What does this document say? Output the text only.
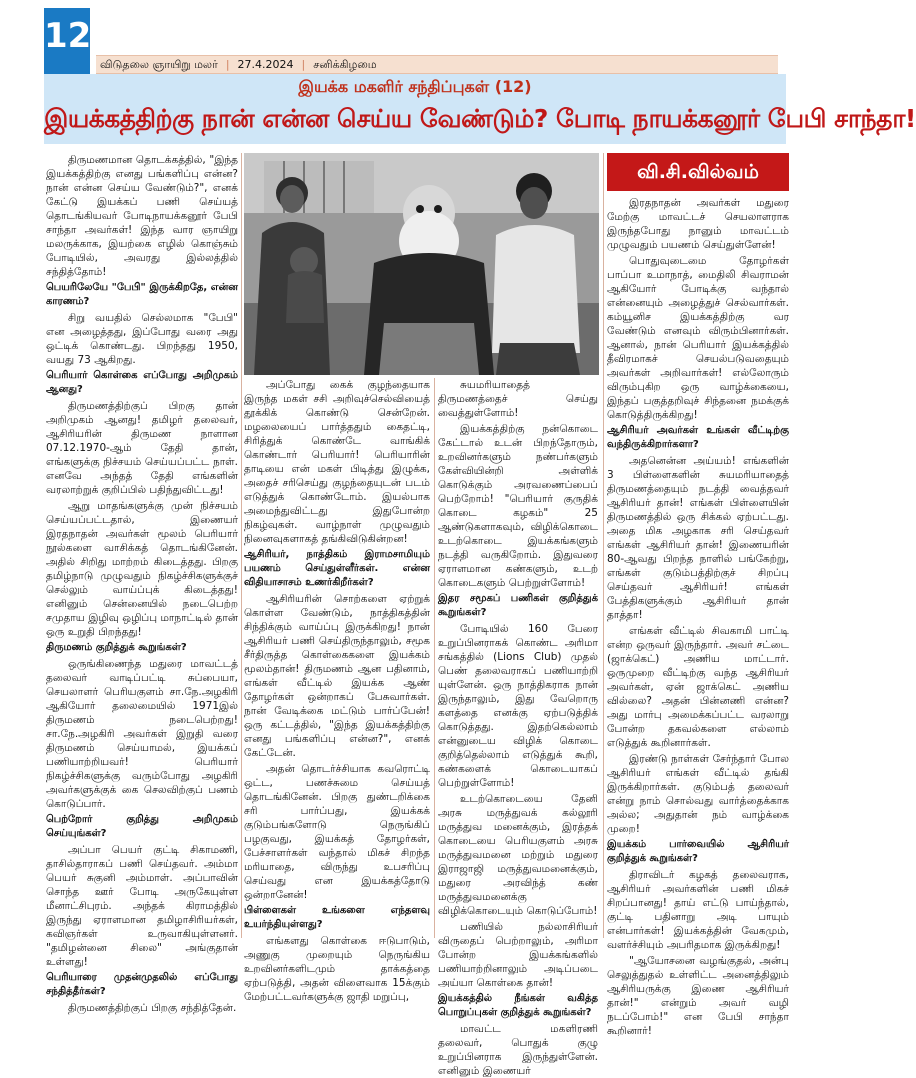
12
விடுதலை ஞாயிறு மலர் | 27.4.2024 | சனிக்கிழமை
இயக்க மகளிர் சந்திப்புகள் (12)
இயக்கத்திற்கு நான் என்ன செய்ய வேண்டும்? போடி நாயக்கனூர் பேபி சாந்தா!
வி.சி.வில்வம்

திருமணமான தொடக்கத்தில், "இந்த இயக்கத்திற்கு எனது பங்களிப்பு என்ன? நான் என்ன செய்ய வேண்டும்?", எனக் கேட்டு இயக்கப் பணி செய்யத் தொடங்கியவர் போடிநாயக்கனூர் பேபி சாந்தா அவர்கள்! இந்த வார ஞாயிறு மலருக்காக, இயற்கை எழில் கொஞ்சும் போடியில், அவரது இல்லத்தில் சந்தித்தோம்!

பெயரிலேயே "பேபி" இருக்கிறதே, என்ன காரணம்?

சிறு வயதில் செல்லமாக "பேபி" என அழைத்தது, இப்போது வரை அது ஒட்டிக் கொண்டது. பிறந்தது 1950, வயது 73 ஆகிறது.

பெரியார் கொள்கை எப்போது அறிமுகம் ஆனது?

திருமணத்திற்குப் பிறகு தான் அறிமுகம் ஆனது! தமிழர் தலைவர், ஆசிரியரின் திருமண நாளான 07.12.1970-ஆம் தேதி தான், எங்களுக்கு நிச்சயம் செய்யப்பட்ட நாள். எனவே அந்தத் தேதி எங்களின் வரலாற்றுக் குறிப்பில் பதிந்துவிட்டது!

ஆறு மாதங்களுக்கு முன் நிச்சயம் செய்யப்பட்டதால், இணையர் இரதநாதன் அவர்கள் மூலம் பெரியார் நூல்களை வாசிக்கத் தொடங்கினேன். அதில் சிறிது மாற்றம் கிடைத்தது. பிறகு தமிழ்நாடு முழுவதும் நிகழ்ச்சிகளுக்குச் செல்லும் வாய்ப்புக் கிடைத்தது! எனினும் சென்னையில் நடைபெற்ற சமுதாய இழிவு ஒழிப்பு மாநாட்டில் தான் ஒரு உறுதி பிறந்தது!

திருமணம் குறித்துக் கூறுங்கள்?

ஒருங்கிணைந்த மதுரை மாவட்டத் தலைவர் வாடிப்பட்டி சுப்பையா, செயலாளர் பெரியகுளம் சா.நே.அழகிரி ஆகியோர் தலைமையில் 1971இல் திருமணம் நடைபெற்றது! சா.நே.அழகிரி அவர்கள் இறுதி வரை திருமணம் செய்யாமல், இயக்கப் பணியாற்றியவர்! பெரியார் நிகழ்ச்சிகளுக்கு வரும்போது அழகிரி அவர்களுக்குக் கை செலவிற்குப் பணம் கொடுப்பார்.

பெற்றோர் குறித்து அறிமுகம் செய்யுங்கள்?

அப்பா பெயர் குட்டி சிகாமணி, தாசில்தாராகப் பணி செய்தவர். அம்மா பெயர் சுகுனி அம்மாள். அப்பாவின் சொந்த ஊர் போடி அருகேயுள்ள மீனாட்சிபுரம். அந்தக் கிராமத்தில் இருந்து ஏராளமான தமிழாசிரியர்கள், கவிஞர்கள் உருவாகியுள்ளனர். "தமிழன்னை சிலை" அங்குதான் உள்ளது!

பெரியாரை முதன்முதலில் எப்போது சந்தித்தீர்கள்?

திருமணத்திற்குப் பிறகு சந்தித்தேன்.

அப்போது கைக் குழந்தையாக இருந்த மகள் சசி அறிவுச்செல்வியைத் தூக்கிக் கொண்டு சென்றேன். மழலையைப் பார்த்ததும் கைதட்டி, சிரித்துக் கொண்டே வாங்கிக் கொண்டார் பெரியார்! பெரியாரின் தாடியை என் மகள் பிடித்து இழுக்க, அதைச் சரிசெய்து குழந்தையுடன் படம் எடுத்துக் கொண்டோம். இயல்பாக அமைந்துவிட்டது இதுபோன்ற நிகழ்வுகள். வாழ்நாள் முழுவதும் நினைவுகளாகத் தங்கிவிடுகின்றன!

ஆசிரியர், நாத்திகம் இராமசாமியும் பயணம் செய்துள்ளீர்கள். என்ன விதியாசாசம் உணர்கிறீர்கள்?

ஆசிரியரின் சொற்களை ஏற்றுக் கொள்ள வேண்டும், நாத்திகத்தின் சிந்திக்கும் வாய்ப்பு இருக்கிறது! நான் ஆசிரியர் பணி செய்திருந்தாலும், சமூக சீர்திருத்த கொள்கைகளை இயக்கம் மூலம்தான்! திருமணம் ஆன பதினாம், எங்கள் வீட்டில் இயக்க ஆண் தோழர்கள் ஒன்றாகப் பேசுவார்கள். நான் வேடிக்கை மட்டும் பார்ப்பேன்! ஒரு கட்டத்தில், "இந்த இயக்கத்திற்கு எனது பங்களிப்பு என்ன?", எனக் கேட்டேன்.

அதன் தொடர்ச்சியாக கவரொட்டி ஒட்ட, பணச்சுமை செய்யத் தொடங்கினேன். பிறகு துண்டறிக்கை சரி பார்ப்பது, இயக்கக் குடும்பங்களோடு நெருங்கிப் பழகுவது, இயக்கத் தோழர்கள், பேச்சாளர்கள் வந்தால் மிகச் சிறந்த மரியாதை, விருந்து உபசரிப்பு செய்வது என இயக்கத்தோடு ஒன்றானேன்!

பிள்ளைகள் உங்களை எந்தளவு உயர்ந்தியுள்ளது?

எங்களது கொள்கை ஈடுபாடும், அணுகு முறையும் நெருங்கிய உறவினர்களிடமும் தாக்கத்தை ஏற்படுத்தி, அதன் விளைவாக 15க்கும் மேற்பட்டவர்களுக்கு ஜாதி மறுப்பு,

சுயமரியாதைத் திருமணத்தைச் செய்து வைத்துள்ளோம்!

இயக்கத்திற்கு நன்கொடை கேட்டால் உடன் பிறந்தோரும், உறவினர்களும் நண்பர்களும் கேள்வியின்றி அள்ளிக் கொடுக்கும் அரவணைப்பைப் பெற்றோம்! "பெரியார் குருதிக் கொடை கழகம்" 25 ஆண்டுகளாகவும், விழிக்கொடை உடற்கொடை இயக்கங்களும் நடத்தி வருகிறோம். இதுவரை ஏராளமான கண்களும், உடற் கொடைகளும் பெற்றுள்ளோம்!

இதர சமூகப் பணிகள் குறித்துக் கூறுங்கள்?

போடியில் 160 பேரை உறுப்பினராகக் கொண்ட அரிமா சங்கத்தில் (Lions Club) முதல் பெண் தலைவராகப் பணியாற்றி யுள்ளேன். ஒரு நாத்திகராக நான் இருந்தாலும், இது வேறொரு களத்தை எனக்கு ஏற்படுத்திக் கொடுத்தது. இதற்கெல்லாம் என்னுடைய விழிக் கொடை குறித்தெல்லாம் எடுத்துக் கூறி, கண்களைக் கொடையாகப் பெற்றுள்ளோம்!

உடற்கொடையை தேனி அரசு மருத்துவக் கல்லூரி மருத்துவ மனைக்கும், இரத்தக் கொடையை பெரியகுளம் அரசு மருத்துவமனை மற்றும் மதுரை இராஜாஜி மருத்துவமனைக்கும், மதுரை அரவிந்த் கண் மருத்துவமனைக்கு விழிக்கொடையும் கொடுப்போம்!

பணியில் நல்லாசிரியர் விருதைப் பெற்றாலும், அரிமா போன்ற இயக்கங்களில் பணியாற்றினாலும் அடிப்படை அய்யா கொள்கை தான்!

இயக்கத்தில் நீங்கள் வகித்த பொறுப்புகள் குறித்துக் கூறுங்கள்?

மாவட்ட மகளிரணி தலைவர், பொதுக் குழு உறுப்பினராக இருந்துள்ளேன். எனினும் இணையர்

இரதநாதன் அவர்கள் மதுரை மேற்கு மாவட்டச் செயலாளராக இருந்தபோது நானும் மாவட்டம் முழுவதும் பயணம் செய்துள்ளேன்!

பொதுவுடைமை தோழர்கள் பாப்பா உமாநாத், மைதிலி சிவராமன் ஆகியோர் போடிக்கு வந்தால் என்னையும் அழைத்துச் செல்வார்கள். கம்யூனிச இயக்கத்திற்கு வர வேண்டும் எனவும் விரும்பினார்கள். ஆனால், நான் பெரியார் இயக்கத்தில் தீவிரமாகச் செயல்படுவதையும் அவர்கள் அறிவார்கள்! எல்லோரும் விரும்புகிற ஒரு வாழ்க்கையை, இந்தப் பகுத்தறிவுச் சிந்தனை நமக்குக் கொடுத்திருக்கிறது!

ஆசிரியர் அவர்கள் உங்கள் வீட்டிற்கு வந்திருக்கிறார்களா?

அதனென்ன அய்யம்! எங்களின் 3 பிள்ளைகளின் சுயமரியாதைத் திருமணத்தையும் நடத்தி வைத்தவர் ஆசிரியர் தான்! எங்கள் பிள்ளையின் திருமணத்தில் ஒரு சிக்கல் ஏற்பட்டது. அதை மிக அழகாக சரி செய்தவர் எங்கள் ஆசிரியர் தான்! இணையரின் 80-ஆவது பிறந்த நாளில் பங்கேற்று, எங்கள் குடும்பத்திற்குச் சிறப்பு செய்தவர் ஆசிரியர்! எங்கள் பேத்திகளுக்கும் ஆசிரியர் தான் தாத்தா!

எங்கள் வீட்டில் சிவகாமி பாட்டி என்ற ஒருவர் இருந்தார். அவர் சட்டை (ஜாக்கெட்) அணிய மாட்டார். ஒருமுறை வீட்டிற்கு வந்த ஆசிரியர் அவர்கள், ஏன் ஜாக்கெட் அணிய வில்லை? அதன் பின்னணி என்ன? அது மார்பு அமைக்கப்பட்ட வரலாறு போன்ற தகவல்களை எல்லாம் எடுத்துக் கூறினார்கள்.

இரண்டு நாள்கள் சேர்ந்தார் போல ஆசிரியர் எங்கள் வீட்டில் தங்கி இருக்கிறார்கள். குடும்பத் தலைவர் என்று நாம் சொல்வது வார்த்தைக்காக அல்ல; அதுதான் நம் வாழ்க்கை முறை!

இயக்கம் பார்வையில் ஆசிரியர் குறித்துக் கூறுங்கள்?

திராவிடர் கழகத் தலைவராக, ஆசிரியர் அவர்களின் பணி மிகச் சிறப்பானது! தாய் எட்டு பாய்ந்தால், குட்டி பதினாறு அடி பாயும் என்பார்கள்! இயக்கத்தின் வேகமும், வளர்ச்சியும் அபரிதமாக இருக்கிறது!

"ஆயோசனை வழங்குதல், அன்பு செலுத்துதல் உள்ளிட்ட அனைத்திலும் ஆசிரியருக்கு இணை ஆசிரியர் தான்!" என்றும் அவர் வழி நடப்போம்!" என பேபி சாந்தா கூறினார்!
